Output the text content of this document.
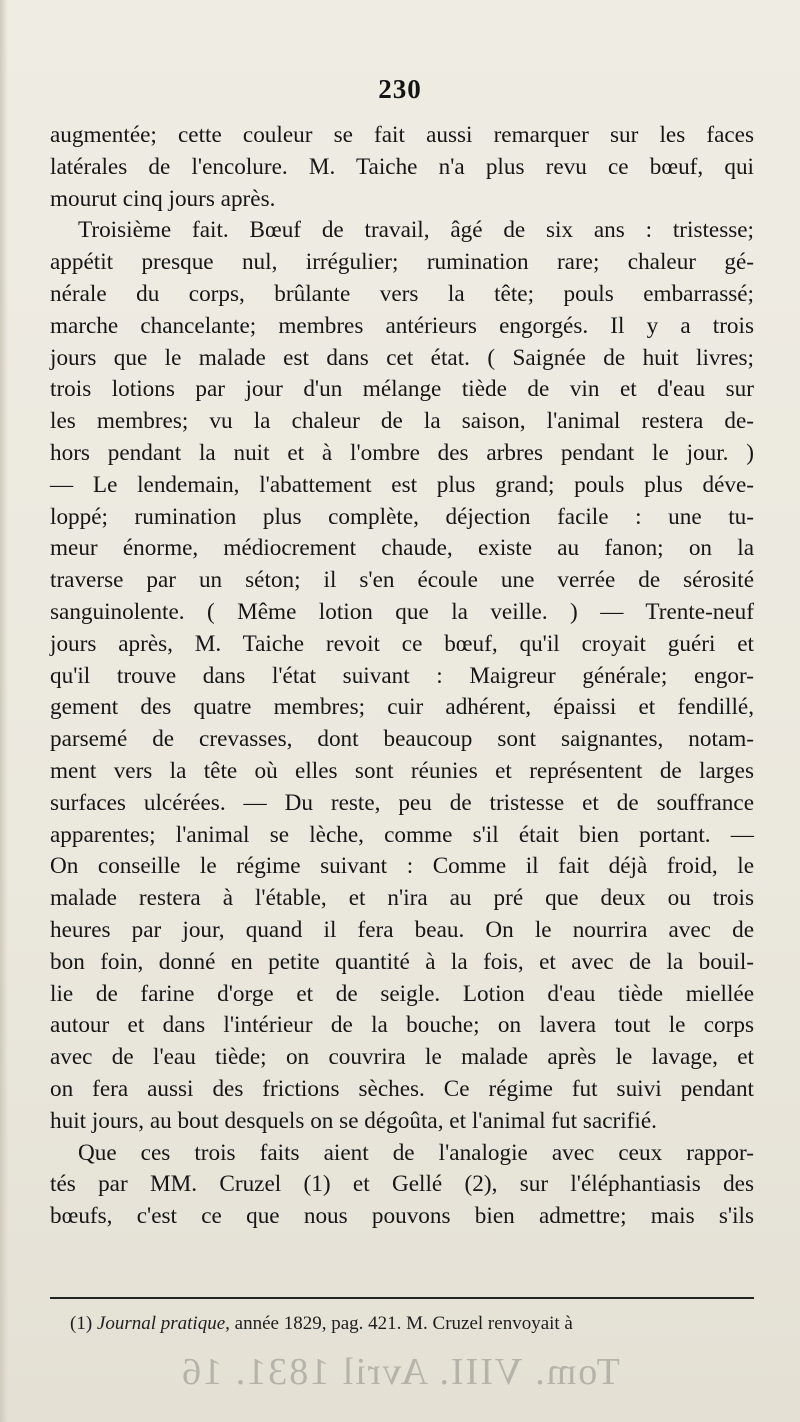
230
augmentée; cette couleur se fait aussi remarquer sur les faces
latérales de l'encolure. M. Taiche n'a plus revu ce bœuf, qui
mourut cinq jours après.
Troisième fait. Bœuf de travail, âgé de six ans : tristesse;
appétit presque nul, irrégulier; rumination rare; chaleur gé-
nérale du corps, brûlante vers la tête; pouls embarrassé;
marche chancelante; membres antérieurs engorgés. Il y a trois
jours que le malade est dans cet état. ( Saignée de huit livres;
trois lotions par jour d'un mélange tiède de vin et d'eau sur
les membres; vu la chaleur de la saison, l'animal restera de-
hors pendant la nuit et à l'ombre des arbres pendant le jour. )
— Le lendemain, l'abattement est plus grand; pouls plus déve-
loppé; rumination plus complète, déjection facile : une tu-
meur énorme, médiocrement chaude, existe au fanon; on la
traverse par un séton; il s'en écoule une verrée de sérosité
sanguinolente. ( Même lotion que la veille. ) — Trente-neuf
jours après, M. Taiche revoit ce bœuf, qu'il croyait guéri et
qu'il trouve dans l'état suivant : Maigreur générale; engor-
gement des quatre membres; cuir adhérent, épaissi et fendillé,
parsemé de crevasses, dont beaucoup sont saignantes, notam-
ment vers la tête où elles sont réunies et représentent de larges
surfaces ulcérées. — Du reste, peu de tristesse et de souffrance
apparentes; l'animal se lèche, comme s'il était bien portant. —
On conseille le régime suivant : Comme il fait déjà froid, le
malade restera à l'étable, et n'ira au pré que deux ou trois
heures par jour, quand il fera beau. On le nourrira avec de
bon foin, donné en petite quantité à la fois, et avec de la bouil-
lie de farine d'orge et de seigle. Lotion d'eau tiède miellée
autour et dans l'intérieur de la bouche; on lavera tout le corps
avec de l'eau tiède; on couvrira le malade après le lavage, et
on fera aussi des frictions sèches. Ce régime fut suivi pendant
huit jours, au bout desquels on se dégoûta, et l'animal fut sacrifié.
Que ces trois faits aient de l'analogie avec ceux rappor-
tés par MM. Cruzel (1) et Gellé (2), sur l'éléphantiasis des
bœufs, c'est ce que nous pouvons bien admettre; mais s'ils
(1) Journal pratique, année 1829, pag. 421. M. Cruzel renvoyait à
Tom. VIII. Avril 1831. 16
